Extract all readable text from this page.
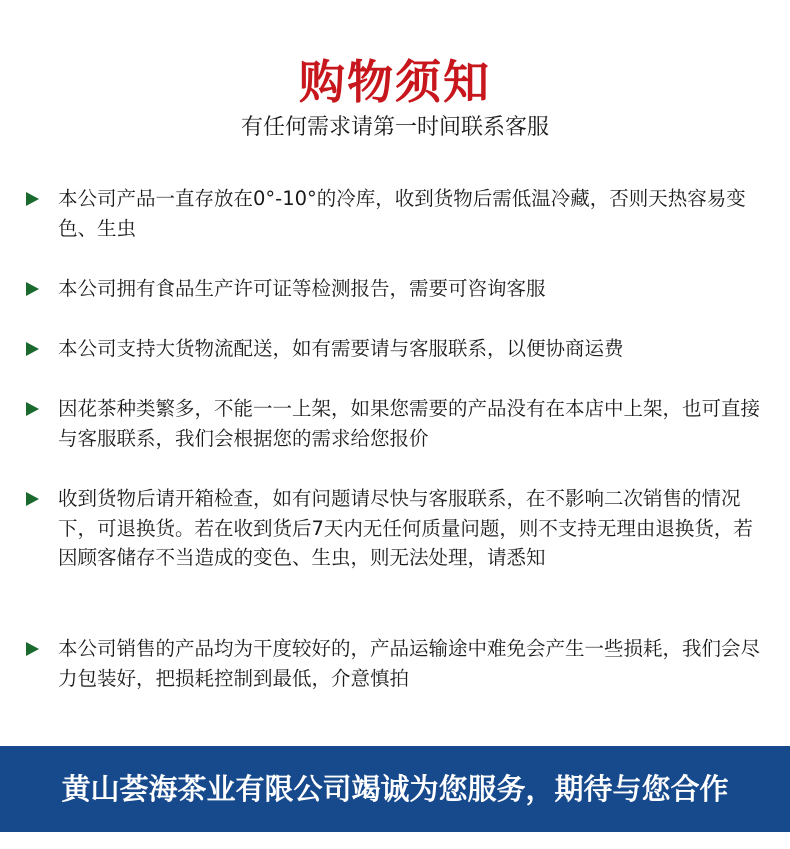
购物须知
有任何需求请第一时间联系客服

本公司产品一直存放在0°-10°的冷库，收到货物后需低温冷藏，否则天热容易变色、生虫

本公司拥有食品生产许可证等检测报告，需要可咨询客服

本公司支持大货物流配送，如有需要请与客服联系，以便协商运费

因花茶种类繁多，不能一一上架，如果您需要的产品没有在本店中上架，也可直接与客服联系，我们会根据您的需求给您报价

收到货物后请开箱检查，如有问题请尽快与客服联系，在不影响二次销售的情况下，可退换货。若在收到货后7天内无任何质量问题，则不支持无理由退换货，若因顾客储存不当造成的变色、生虫，则无法处理，请悉知

本公司销售的产品均为干度较好的，产品运输途中难免会产生一些损耗，我们会尽力包装好，把损耗控制到最低，介意慎拍

黄山荟海茶业有限公司竭诚为您服务，期待与您合作
